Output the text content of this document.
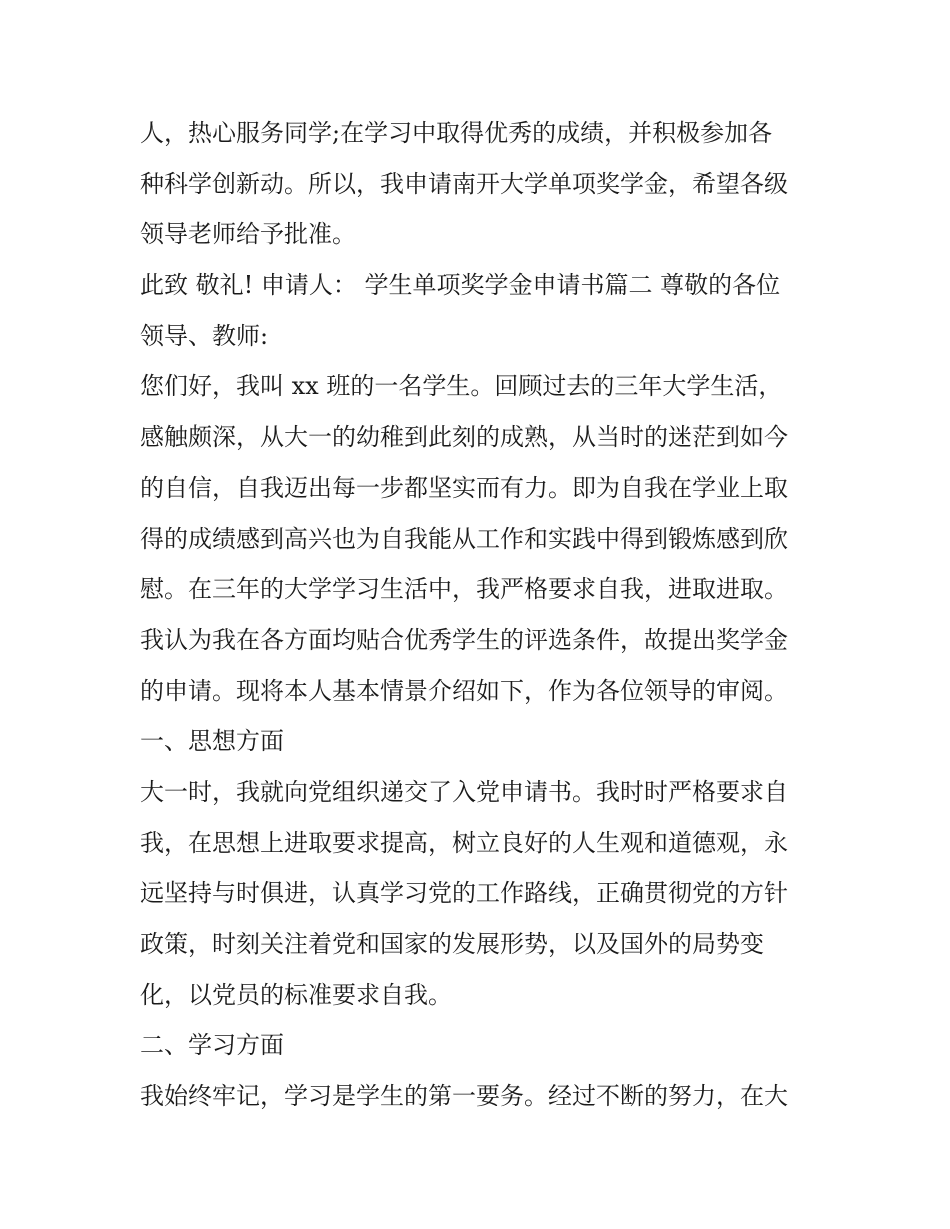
人，热心服务同学;在学习中取得优秀的成绩，并积极参加各
种科学创新动。所以，我申请南开大学单项奖学金，希望各级
领导老师给予批准。
此致 敬礼! 申请人： 学生单项奖学金申请书篇二 尊敬的各位
领导、教师:
您们好，我叫 xx 班的一名学生。回顾过去的三年大学生活，
感触颇深，从大一的幼稚到此刻的成熟，从当时的迷茫到如今
的自信，自我迈出每一步都坚实而有力。即为自我在学业上取
得的成绩感到高兴也为自我能从工作和实践中得到锻炼感到欣
慰。在三年的大学学习生活中，我严格要求自我，进取进取。
我认为我在各方面均贴合优秀学生的评选条件，故提出奖学金
的申请。现将本人基本情景介绍如下，作为各位领导的审阅。
一、思想方面
大一时，我就向党组织递交了入党申请书。我时时严格要求自
我，在思想上进取要求提高，树立良好的人生观和道德观，永
远坚持与时俱进，认真学习党的工作路线，正确贯彻党的方针
政策，时刻关注着党和国家的发展形势，以及国外的局势变
化，以党员的标准要求自我。
二、学习方面
我始终牢记，学习是学生的第一要务。经过不断的努力，在大
